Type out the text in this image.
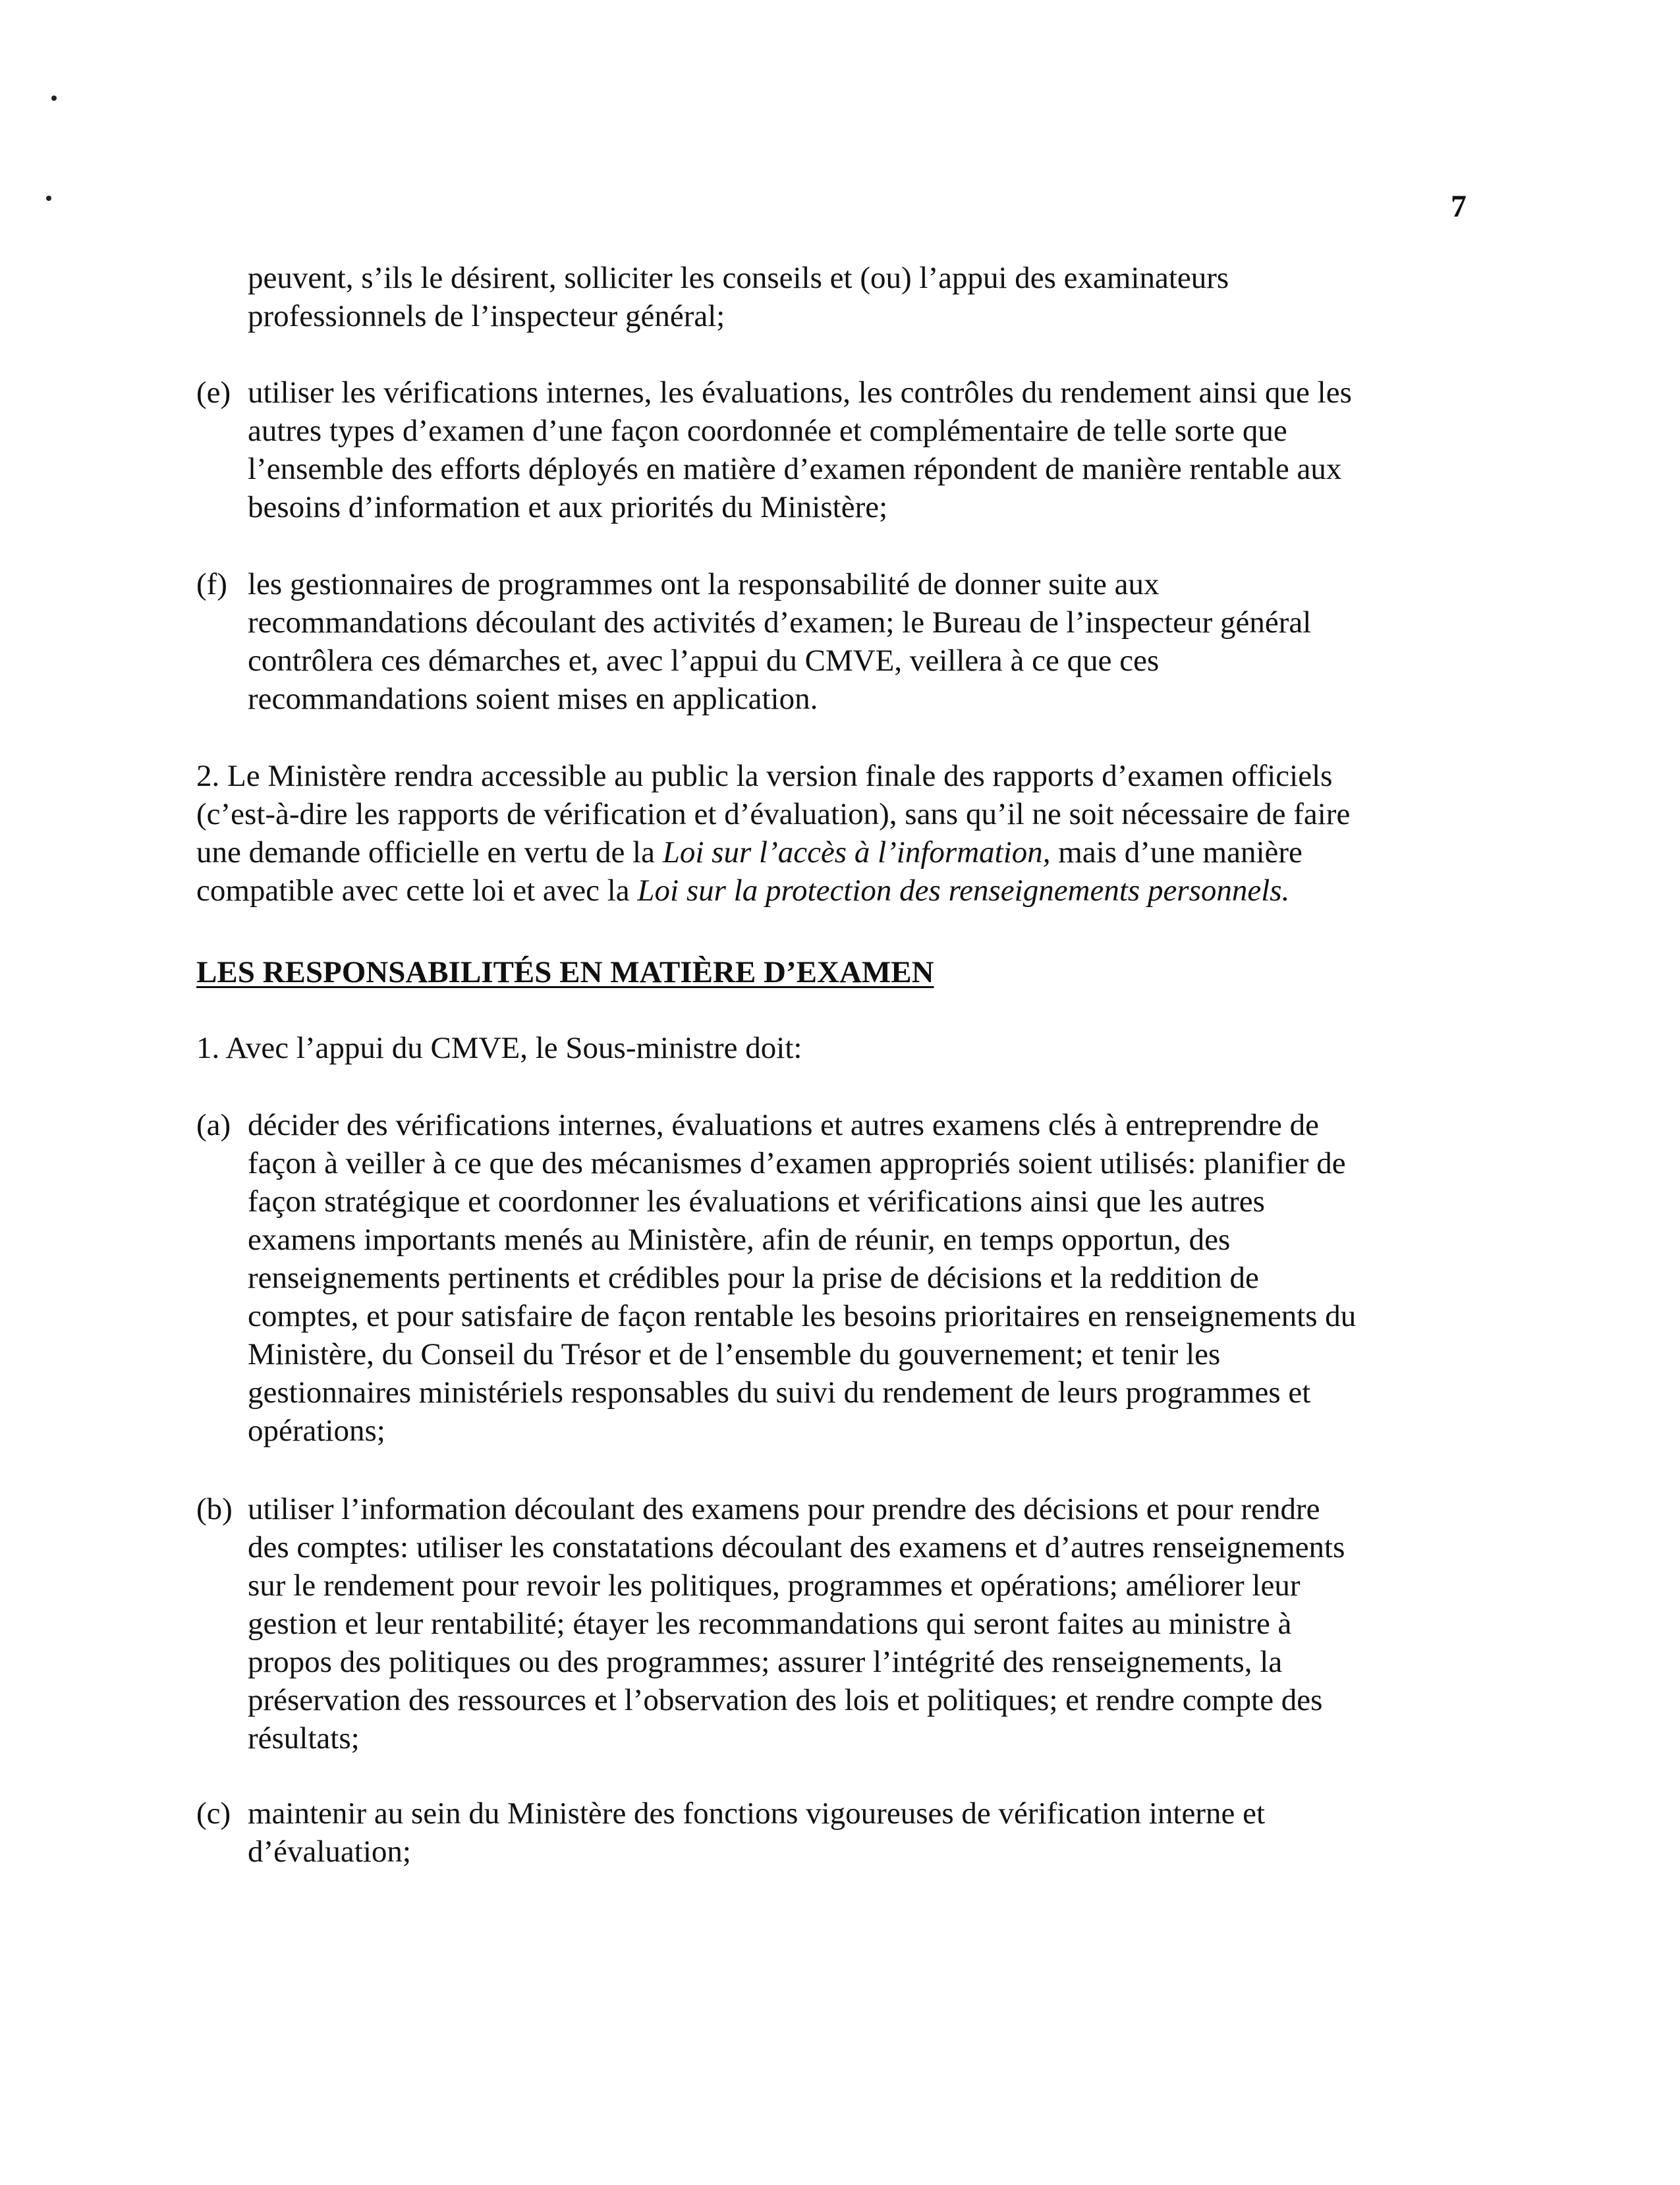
7
peuvent, s’ils le désirent, solliciter les conseils et (ou) l’appui des examinateurs
professionnels de l’inspecteur général;
(e) utiliser les vérifications internes, les évaluations, les contrôles du rendement ainsi que les
autres types d’examen d’une façon coordonnée et complémentaire de telle sorte que
l’ensemble des efforts déployés en matière d’examen répondent de manière rentable aux
besoins d’information et aux priorités du Ministère;
(f) les gestionnaires de programmes ont la responsabilité de donner suite aux
recommandations découlant des activités d’examen; le Bureau de l’inspecteur général
contrôlera ces démarches et, avec l’appui du CMVE, veillera à ce que ces
recommandations soient mises en application.
2. Le Ministère rendra accessible au public la version finale des rapports d’examen officiels
(c’est-à-dire les rapports de vérification et d’évaluation), sans qu’il ne soit nécessaire de faire
une demande officielle en vertu de la Loi sur l’accès à l’information, mais d’une manière
compatible avec cette loi et avec la Loi sur la protection des renseignements personnels.
LES RESPONSABILITÉS EN MATIÈRE D’EXAMEN
1. Avec l’appui du CMVE, le Sous-ministre doit:
(a) décider des vérifications internes, évaluations et autres examens clés à entreprendre de
façon à veiller à ce que des mécanismes d’examen appropriés soient utilisés: planifier de
façon stratégique et coordonner les évaluations et vérifications ainsi que les autres
examens importants menés au Ministère, afin de réunir, en temps opportun, des
renseignements pertinents et crédibles pour la prise de décisions et la reddition de
comptes, et pour satisfaire de façon rentable les besoins prioritaires en renseignements du
Ministère, du Conseil du Trésor et de l’ensemble du gouvernement; et tenir les
gestionnaires ministériels responsables du suivi du rendement de leurs programmes et
opérations;
(b) utiliser l’information découlant des examens pour prendre des décisions et pour rendre
des comptes: utiliser les constatations découlant des examens et d’autres renseignements
sur le rendement pour revoir les politiques, programmes et opérations; améliorer leur
gestion et leur rentabilité; étayer les recommandations qui seront faites au ministre à
propos des politiques ou des programmes; assurer l’intégrité des renseignements, la
préservation des ressources et l’observation des lois et politiques; et rendre compte des
résultats;
(c) maintenir au sein du Ministère des fonctions vigoureuses de vérification interne et
d’évaluation;
